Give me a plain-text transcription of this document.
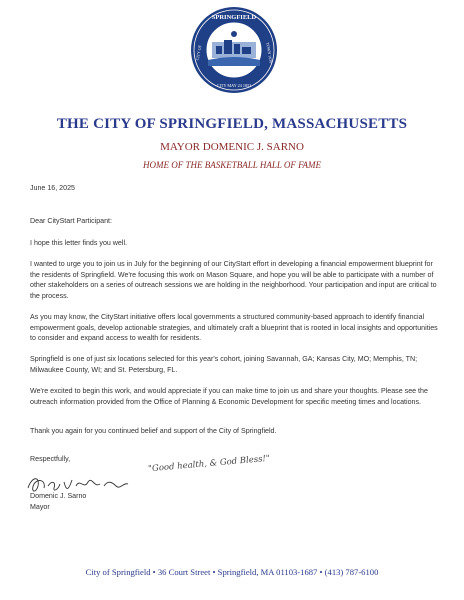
SPRINGFIELD
CITY OF	TOWN 1636
CITY MAY 24 1852
THE CITY OF SPRINGFIELD, MASSACHUSETTS
MAYOR DOMENIC J. SARNO
HOME OF THE BASKETBALL HALL OF FAME
June 16, 2025
Dear CityStart Participant:
I hope this letter finds you well.
I wanted to urge you to join us in July for the beginning of our CityStart effort in developing a financial empowerment blueprint for the residents of Springfield. We're focusing this work on Mason Square, and hope you will be able to participate with a number of other stakeholders on a series of outreach sessions we are holding in the neighborhood. Your participation and input are critical to the process.
As you may know, the CityStart initiative offers local governments a structured community-based approach to identify financial empowerment goals, develop actionable strategies, and ultimately craft a blueprint that is rooted in local insights and opportunities to consider and expand access to wealth for residents.
Springfield is one of just six locations selected for this year's cohort, joining Savannah, GA; Kansas City, MO; Memphis, TN; Milwaukee County, WI; and St. Petersburg, FL.
We're excited to begin this work, and would appreciate if you can make time to join us and share your thoughts. Please see the outreach information provided from the Office of Planning & Economic Development for specific meeting times and locations.
Thank you again for you continued belief and support of the City of Springfield.
Respectfully,	"Good health, & God Bless!"
Domenic J. Sarno
Mayor
City of Springfield • 36 Court Street • Springfield, MA 01103-1687 • (413) 787-6100
